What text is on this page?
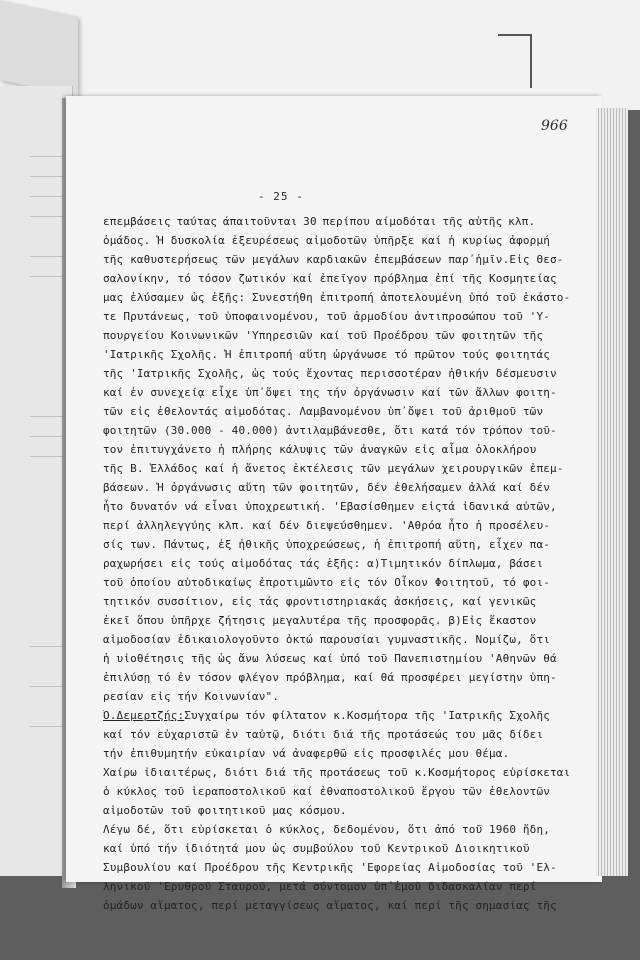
966
- 25 -
επεμβάσεις ταύτας άπαιτοῦνται 30 περίπου αίμοδόται τῆς αὐτῆς κλπ.
ὁμάδος. Ἡ δυσκολία ἐξευρέσεως αἰμοδοτῶν ὑπῆρξε καί ἡ κυρίως ἀφορμή
τῆς καθυστερήσεως τῶν μεγάλων καρδιακῶν ἐπεμβάσεων παρ᾽ἡμῖν.Εἰς Θεσ-
σαλονίκην, τό τόσον ζωτικόν καί ἐπεῖγον πρόβλημα ἐπί τῆς Κοσμητείας
μας ἐλύσαμεν ὡς ἑξῆς: Συνεστήθη ἐπιτροπή ἀποτελουμένη ὑπό τοῦ ἑκάστο-
τε Πρυτάνεως, τοῦ ὑποφαινομένου, τοῦ ἁρμοδίου ἀντιπροσώπου τοῦ 'Υ-
πουργείου Κοινωνικῶν 'Υπηρεσιῶν καί τοῦ Προέδρου τῶν φοιτητῶν τῆς
'Ιατρικῆς Σχολῆς. Ἡ ἐπιτροπή αὕτη ὠργάνωσε τό πρῶτον τούς φοιτητάς
τῆς 'Ιατρικῆς Σχολῆς, ὡς τούς ἔχοντας περισσοτέραν ἠθικήν δέσμευσιν
καί ἐν συνεχείᾳ εἶχε ὑπ᾽ὄψει της τήν ὀργάνωσιν καί τῶν ἄλλων φοιτη-
τῶν εἰς ἐθελοντάς αἱμοδότας. Λαμβανομένου ὑπ᾽ὄψει τοῦ ἀριθμοῦ τῶν
φοιτητῶν (30.000 - 40.000) ἀντιλαμβάνεσθε, ὅτι κατά τόν τρόπον τοῦ-
τον ἐπιτυγχάνετο ἡ πλήρης κάλυψις τῶν ἀναγκῶν εἰς αἷμα ὁλοκλήρου
τῆς Β. Ἑλλάδος καί ἡ ἄνετος ἐκτέλεσις τῶν μεγάλων χειρουργικῶν ἐπεμ-
βάσεων. Ἡ ὀργάνωσις αὕτη τῶν φοιτητῶν, δέν ἐθελήσαμεν ἀλλά καί δέν
ἦτο δυνατόν νά εἶναι ὑποχρεωτική. 'Εβασίσθημεν εἰςτά ἰδανικά αὐτῶν,
περί ἀλληλεγγύης κλπ. καί δέν διεψεύσθημεν. 'Αθρόα ἦτο ἡ προσέλευ-
σίς των. Πάντως, ἐξ ἠθικῆς ὑποχρεώσεως, ἡ ἐπιτροπή αὕτη, εἶχεν πα-
ραχωρήσει εἰς τούς αἱμοδότας τάς ἑξῆς: α)Τιμητικόν δίπλωμα, βάσει
τοῦ ὁποίου αὐτοδικαίως ἐπροτιμῶντο εἰς τόν Οἶκον Φοιτητοῦ, τό φοι-
τητικόν συσσίτιον, εἰς τάς φροντιστηριακάς ἀσκήσεις, καί γενικῶς
ἐκεῖ ὅπου ὑπῆρχε ζήτησις μεγαλυτέρα τῆς προσφορᾶς. β)Εἰς ἕκαστον
αἱμοδοσίαν ἐδικαιολογοῦντο ὀκτώ παρουσίαι γυμναστικῆς. Νομίζω, ὅτι
ἡ υἱοθέτησις τῆς ὡς ἄνω λύσεως καί ὑπό τοῦ Πανεπιστημίου 'Αθηνῶν θά
ἐπιλύσῃ τό ἐν τόσον φλέγον πρόβλημα, καί θά προσφέρει μεγίστην ὑπη-
ρεσίαν εἰς τήν Κοινωνίαν".
Ὁ.Δεμερτζής:Συγχαίρω τόν φίλτατον κ.Κοσμήτορα τῆς 'Ιατρικῆς Σχολῆς
καί τόν εὐχαριστῶ ἐν ταὐτῷ, διότι διά τῆς προτάσεώς του μᾶς δίδει
τήν ἐπιθυμητήν εὐκαιρίαν νά ἀναφερθῶ εἰς προσφιλές μου θέμα.
Χαίρω ἰδιαιτέρως, διότι διά τῆς προτάσεως τοῦ κ.Κοσμήτορος εὑρίσκεται
ὁ κύκλος τοῦ ἱεραποστολικοῦ καί ἐθναποστολικοῦ ἔργου τῶν ἐθελοντῶν
αἱμοδοτῶν τοῦ φοιτητικοῦ μας κόσμου.
Λέγω δέ, ὅτι εὑρίσκεται ὁ κύκλος, δεδομένου, ὅτι ἀπό τοῦ 1960 ἤδη,
καί ὑπό τήν ἰδιότητά μου ὡς συμβούλου τοῦ Κεντρικοῦ Διοικητικοῦ
Συμβουλίου καί Προέδρου τῆς Κεντρικῆς 'Εφορείας Αἱμοδοσίας τοῦ 'Ελ-
ληνικοῦ 'Ερυθροῦ Σταυροῦ, μετά σύντομον ὑπ᾽ἐμοῦ διδασκαλίαν περί
ὁμάδων αἵματος, περί μεταγγίσεως αἵματος, καί περί τῆς σημασίας τῆς
